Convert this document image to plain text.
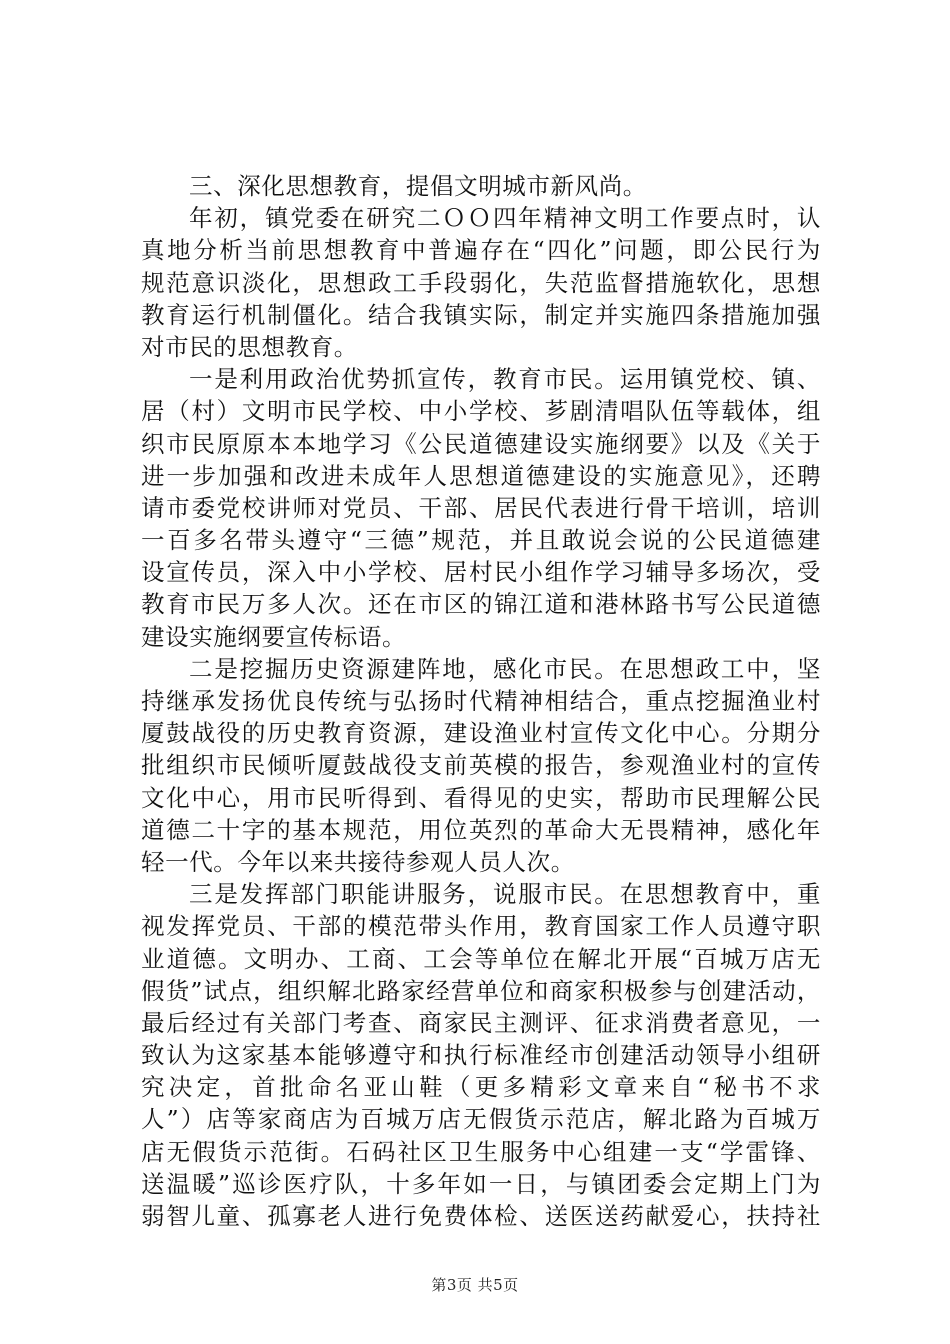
三、深化思想教育，提倡文明城市新风尚。
年初，镇党委在研究二ＯＯ四年精神文明工作要点时，认
真地分析当前思想教育中普遍存在“四化”问题，即公民行为
规范意识淡化，思想政工手段弱化，失范监督措施软化，思想
教育运行机制僵化。结合我镇实际，制定并实施四条措施加强
对市民的思想教育。
一是利用政治优势抓宣传，教育市民。运用镇党校、镇、
居（村）文明市民学校、中小学校、芗剧清唱队伍等载体，组
织市民原原本本地学习《公民道德建设实施纲要》以及《关于
进一步加强和改进未成年人思想道德建设的实施意见》，还聘
请市委党校讲师对党员、干部、居民代表进行骨干培训，培训
一百多名带头遵守“三德”规范，并且敢说会说的公民道德建
设宣传员，深入中小学校、居村民小组作学习辅导多场次，受
教育市民万多人次。还在市区的锦江道和港林路书写公民道德
建设实施纲要宣传标语。
二是挖掘历史资源建阵地，感化市民。在思想政工中，坚
持继承发扬优良传统与弘扬时代精神相结合，重点挖掘渔业村
厦鼓战役的历史教育资源，建设渔业村宣传文化中心。分期分
批组织市民倾听厦鼓战役支前英模的报告，参观渔业村的宣传
文化中心，用市民听得到、看得见的史实，帮助市民理解公民
道德二十字的基本规范，用位英烈的革命大无畏精神，感化年
轻一代。今年以来共接待参观人员人次。
三是发挥部门职能讲服务，说服市民。在思想教育中，重
视发挥党员、干部的模范带头作用，教育国家工作人员遵守职
业道德。文明办、工商、工会等单位在解北开展“百城万店无
假货”试点，组织解北路家经营单位和商家积极参与创建活动，
最后经过有关部门考查、商家民主测评、征求消费者意见，一
致认为这家基本能够遵守和执行标准经市创建活动领导小组研
究决定，首批命名亚山鞋（更多精彩文章来自“秘书不求
人”）店等家商店为百城万店无假货示范店，解北路为百城万
店无假货示范街。石码社区卫生服务中心组建一支“学雷锋、
送温暖”巡诊医疗队，十多年如一日，与镇团委会定期上门为
弱智儿童、孤寡老人进行免费体检、送医送药献爱心，扶持社
第3页 共5页
